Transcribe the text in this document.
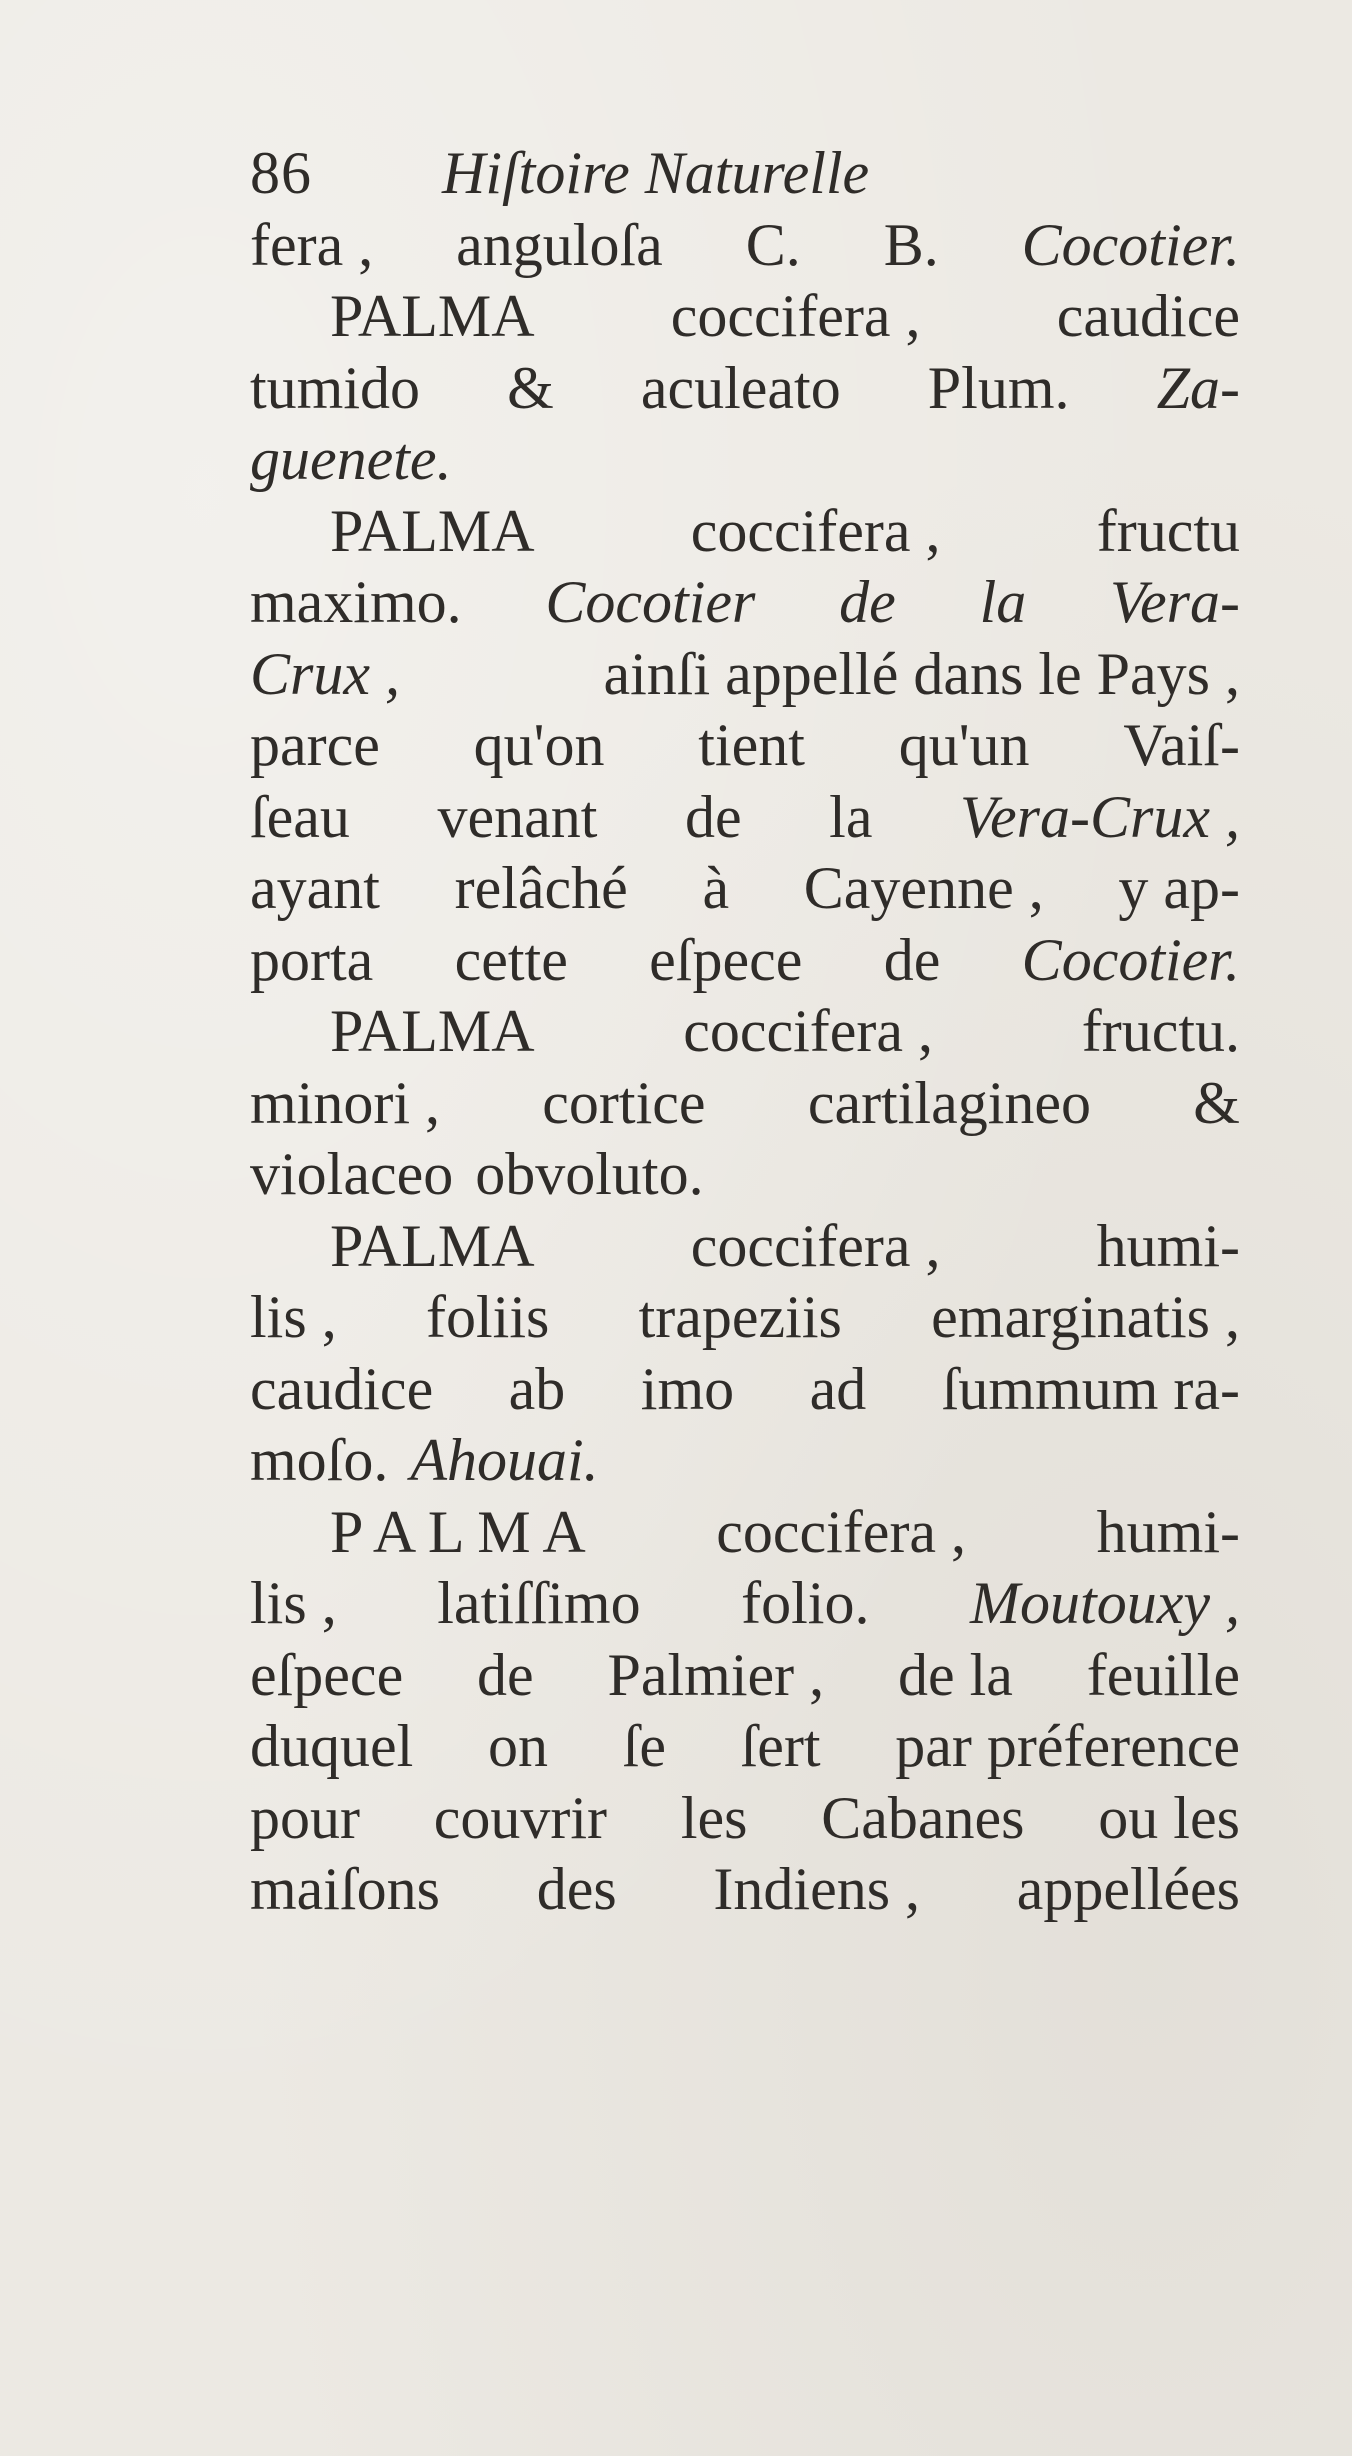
86 Hiſtoire Naturelle
fera , anguloſa C. B. Cocotier.
PALMA coccifera , caudice
tumido & aculeato Plum. Za-
guenete.
PALMA	coccifera ,	fructu
maximo. Cocotier de la Vera-
Crux ,	ainſi appellé dans le Pays ,
parce qu'on tient qu'un Vaiſ-
ſeau venant de la Vera-Crux ,
ayant relâché à Cayenne , y ap-
porta cette eſpece de Cocotier.
PALMA coccifera , fructu.
minori , cortice cartilagineo &
violaceo obvoluto.
PALMA	coccifera ,	humi-
lis , foliis trapeziis emarginatis ,
caudice ab imo ad ſummum ra-
moſo. Ahouai.
P A L M A coccifera , humi-
lis , latiſſimo folio. Moutouxy ,
eſpece de Palmier , de la feuille
duquel on ſe ſert par préference
pour couvrir les Cabanes ou les
maiſons des Indiens , appellées
